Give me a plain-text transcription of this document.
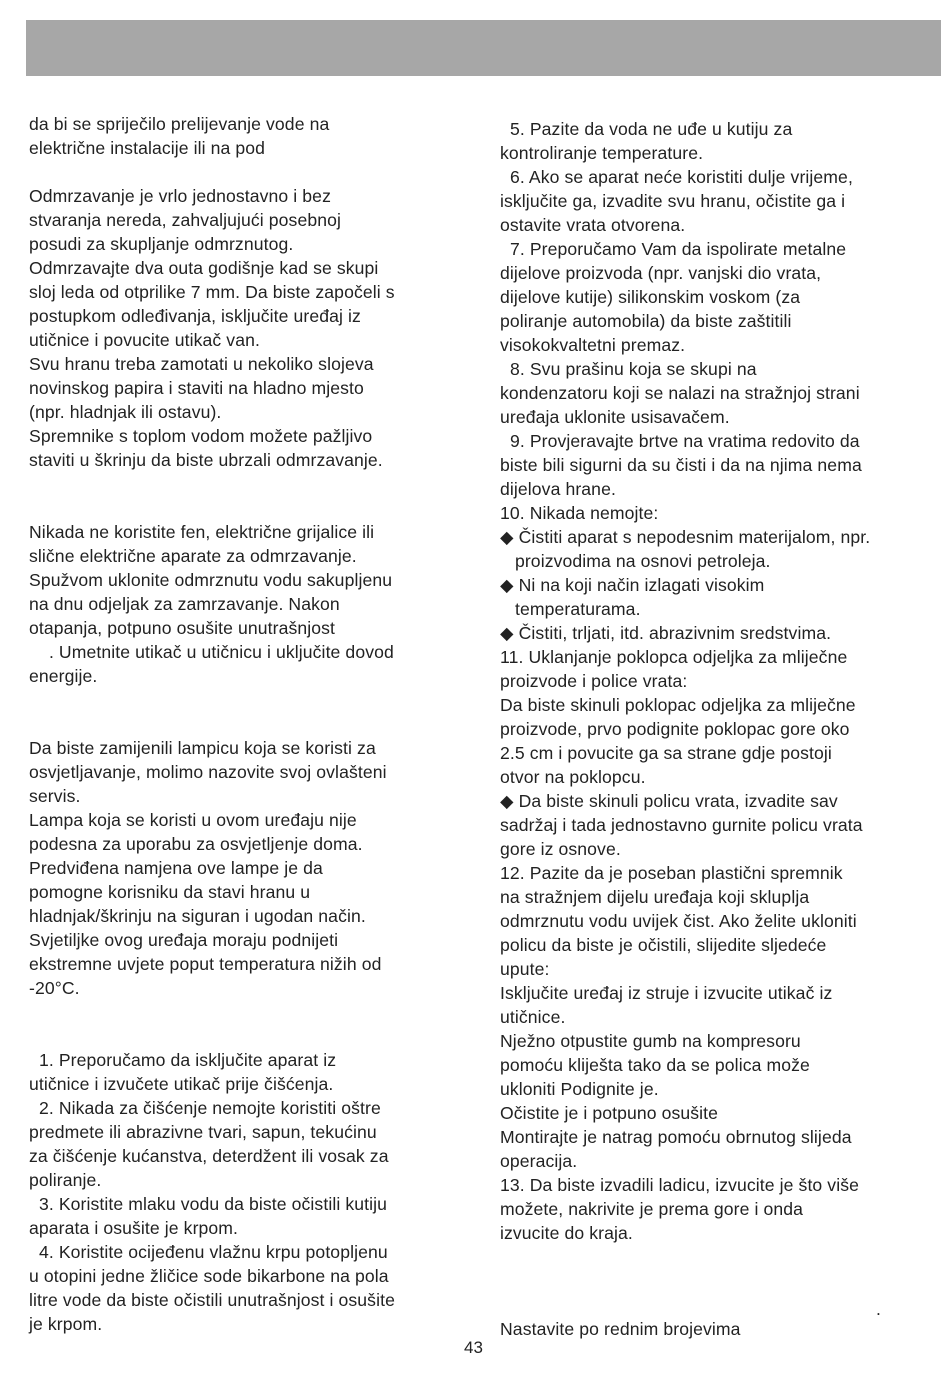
da bi se spriječilo prelijevanje vode na
električne instalacije ili na pod
Odmrzavanje je vrlo jednostavno i bez
stvaranja nereda, zahvaljujući posebnoj
posudi za skupljanje odmrznutog.
Odmrzavajte dva outa godišnje kad se skupi
sloj leda od otprilike 7 mm. Da biste započeli s
postupkom odleđivanja, isključite uređaj iz
utičnice i povucite utikač van.
Svu hranu treba zamotati u nekoliko slojeva
novinskog papira i staviti na hladno mjesto
(npr. hladnjak ili ostavu).
Spremnike s toplom vodom možete pažljivo
staviti u škrinju da biste ubrzali odmrzavanje.
Nikada ne koristite fen, električne grijalice ili
slične električne aparate za odmrzavanje.
Spužvom uklonite odmrznutu vodu sakupljenu
na dnu odjeljak za zamrzavanje. Nakon
otapanja, potpuno osušite unutrašnjost
. Umetnite utikač u utičnicu i uključite dovod
energije.
Da biste zamijenili lampicu koja se koristi za
osvjetljavanje, molimo nazovite svoj ovlašteni
servis.
Lampa koja se koristi u ovom uređaju nije
podesna za uporabu za osvjetljenje doma.
Predviđena namjena ove lampe je da
pomogne korisniku da stavi hranu u
hladnjak/škrinju na siguran i ugodan način.
Svjetiljke ovog uređaja moraju podnijeti
ekstremne uvjete poput temperatura nižih od
-20°C.
1. Preporučamo da isključite aparat iz
utičnice i izvučete utikač prije čišćenja.
2. Nikada za čišćenje nemojte koristiti oštre
predmete ili abrazivne tvari, sapun, tekućinu
za čišćenje kućanstva, deterdžent ili vosak za
poliranje.
3. Koristite mlaku vodu da biste očistili kutiju
aparata i osušite je krpom.
4. Koristite ocijeđenu vlažnu krpu potopljenu
u otopini jedne žličice sode bikarbone na pola
litre vode da biste očistili unutrašnjost i osušite
je krpom.
5. Pazite da voda ne uđe u kutiju za
kontroliranje temperature.
6. Ako se aparat neće koristiti dulje vrijeme,
isključite ga, izvadite svu hranu, očistite ga i
ostavite vrata otvorena.
7. Preporučamo Vam da ispolirate metalne
dijelove proizvoda (npr. vanjski dio vrata,
dijelove kutije) silikonskim voskom (za
poliranje automobila) da biste zaštitili
visokokvaltetni premaz.
8. Svu prašinu koja se skupi na
kondenzatoru koji se nalazi na stražnjoj strani
uređaja uklonite usisavačem.
9. Provjeravajte brtve na vratima redovito da
biste bili sigurni da su čisti i da na njima nema
dijelova hrane.
10. Nikada nemojte:
◆ Čistiti aparat s nepodesnim materijalom, npr.
proizvodima na osnovi petroleja.
◆ Ni na koji način izlagati visokim
temperaturama.
◆ Čistiti, trljati, itd. abrazivnim sredstvima.
11. Uklanjanje poklopca odjeljka za mliječne
proizvode i police vrata:
Da biste skinuli poklopac odjeljka za mliječne
proizvode, prvo podignite poklopac gore oko
2.5 cm i povucite ga sa strane gdje postoji
otvor na poklopcu.
◆ Da biste skinuli policu vrata, izvadite sav
sadržaj i tada jednostavno gurnite policu vrata
gore iz osnove.
12. Pazite da je poseban plastični spremnik
na stražnjem dijelu uređaja koji sklupljа
odmrznutu vodu uvijek čist. Ako želite ukloniti
policu da biste je očistili, slijedite sljedeće
upute:
Isključite uređaj iz struje i izvucite utikač iz
utičnice.
Nježno otpustite gumb na kompresoru
pomoću kliješta tako da se polica može
ukloniti Podignite je.
Očistite je i potpuno osušite
Montirajte je natrag pomoću obrnutog slijeda
operacija.
13. Da biste izvadili ladicu, izvucite je što više
možete, nakrivite je prema gore i onda
izvucite do kraja.
Nastavite po rednim brojevima
.
43
